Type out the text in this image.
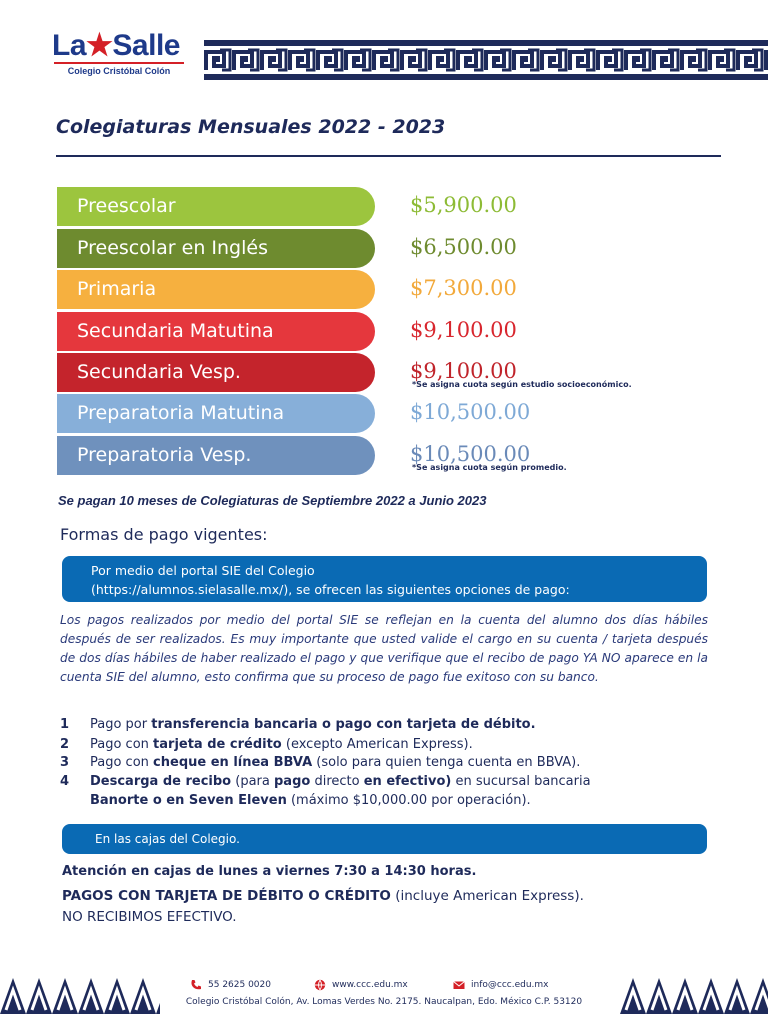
La★Salle
Colegio Cristóbal Colón
Colegiaturas Mensuales 2022 - 2023
Preescolar	$5,900.00
Preescolar en Inglés	$6,500.00
Primaria	$7,300.00
Secundaria Matutina	$9,100.00
Secundaria Vesp.	$9,100.00
*Se asigna cuota según estudio socioeconómico.
Preparatoria Matutina	$10,500.00
Preparatoria Vesp.	$10,500.00
*Se asigna cuota según promedio.
Se pagan 10 meses de Colegiaturas de Septiembre 2022 a Junio 2023
Formas de pago vigentes:
Por medio del portal SIE del Colegio
(https://alumnos.sielasalle.mx/), se ofrecen las siguientes opciones de pago:
Los pagos realizados por medio del portal SIE se reflejan en la cuenta del alumno dos días hábiles después de ser realizados. Es muy importante que usted valide el cargo en su cuenta / tarjeta después de dos días hábiles de haber realizado el pago y que verifique que el recibo de pago YA NO aparece en la cuenta SIE del alumno, esto confirma que su proceso de pago fue exitoso con su banco.
1 Pago por transferencia bancaria o pago con tarjeta de débito.
2 Pago con tarjeta de crédito (excepto American Express).
3 Pago con cheque en línea BBVA (solo para quien tenga cuenta en BBVA).
4 Descarga de recibo (para pago directo en efectivo) en sucursal bancaria
Banorte o en Seven Eleven (máximo $10,000.00 por operación).
En las cajas del Colegio.
Atención en cajas de lunes a viernes 7:30 a 14:30 horas.
PAGOS CON TARJETA DE DÉBITO O CRÉDITO (incluye American Express).
NO RECIBIMOS EFECTIVO.
55 2625 0020	www.ccc.edu.mx	info@ccc.edu.mx
Colegio Cristóbal Colón, Av. Lomas Verdes No. 2175. Naucalpan, Edo. México C.P. 53120
